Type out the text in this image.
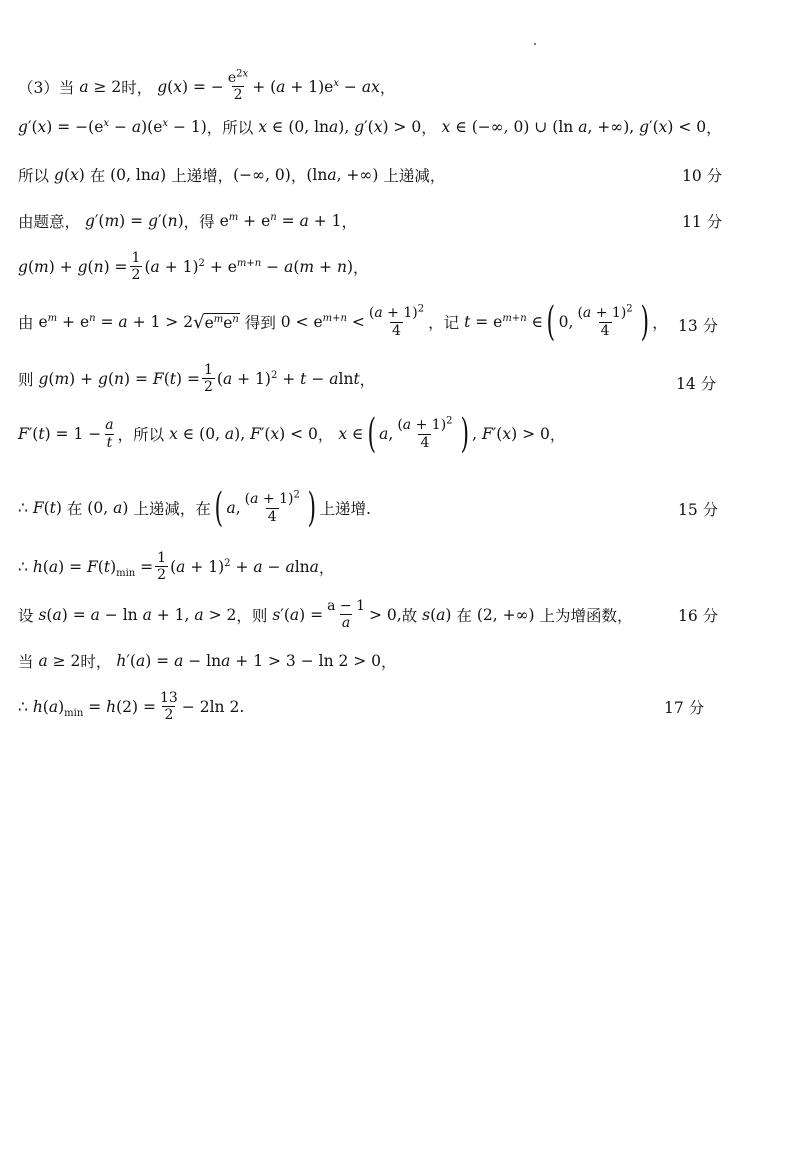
（3）当 a ≥ 2 时， g(x) = − $\frac{e^{2x}}{2} + (a + 1)e^x$ − ax ，
$g'(x) = -(e^x - a)(e^x - 1)$ ， 所以 x ∈ (0, lna), g′(x) > 0 ， x ∈ (−∞, 0) ∪ (ln a, +∞), g′(x) < 0 ，
所以 g(x) 在 (0, lna) 上递增， (−∞, 0) ， (lna, +∞) 上递减，	10 分
由题意， g′(m) = g′(n) ， 得 $e^m + e^n = a + 1$ ，	11 分
$g(m) + g(n) = \frac{1}{2} (a + 1)^2 + e^{m+n} - a(m + n)$ ，
由 $e^m + e^n = a + 1 > 2$ √ $e^me^n$
得到 $0 < e^{m+n} < \frac{(a + 1)^2}{4}$ ， 记 $t = e^{m+n}$ ∈ ( 0, $\frac{(a + 1)^2}{4}$ ) ， 13 分
则 $g(m) + g(n) = F(t) = \frac{1}{2} (a + 1)^2 + t - alnt$ ，	14 分
$F'(t) = 1 - \frac{a}{t}$ ， 所以 x ∈ (0, a), F′(x) < 0 ， x ∈ ( a, $\frac{(a + 1)^2}{4}$ ) , F′(x) > 0 ，
∴ F(t) 在 (0, a) 上递减，在 ( a, $\frac{(a + 1)^2}{4}$ ) 上递增.	15 分
∴ $h(a) = F(t)_{min} = \frac{1}{2} (a + 1)^2 + a - alna$ ，
设 s(a) = a − ln a + 1, a > 2 ， 则 $s'(a) = \frac{a - 1}{a} > 0$, 故 s(a) 在 (2, +∞) 上为增函数，	16 分
当 a ≥ 2 时， h′(a) = a − lna + 1 > 3 − ln 2 > 0 ，
∴ $h(a)_{min} = h(2) = \frac{13}{2} - 2\ln$ 2.	17 分
